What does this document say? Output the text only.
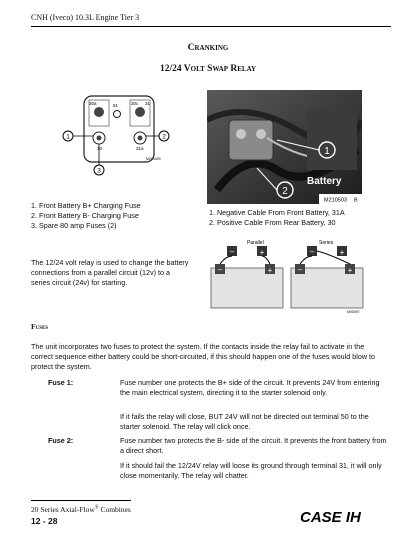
CNH (Iveco) 10.3L Engine Tier 3
Cranking
12/24 Volt Swap Relay
30a	51	30c 31
30	31a
1	2
3
M210403
1
2
Battery
M210503 B
1. Front Battery B+ Charging Fuse
2. Front Battery B- Charging Fuse
3. Spare 80 amp Fuses (2)
1. Negative Cable From Front Battery, 31A
2. Positive Cable From Rear Battery, 30
The 12/24 volt relay is used to change the battery connections from a parallel circuit (12v) to a series circuit (24v) for starting.
Parallel	Series
–	+	–	+
–	+	–	+
M00097
Fuses
The unit incorporates two fuses to protect the system. If the contacts inside the relay fail to activate in the correct sequence either battery could be short-circuited, if this should happen one of the fuses would blow to protect the system.
Fuse 1:	Fuse number one protects the B+ side of the circuit. It prevents 24V from entering the main electrical system, directing it to the starter solenoid only.
If it fails the relay will close, BUT 24V will not be directed out terminal 50 to the starter solenoid. The relay will click once.
Fuse 2:	Fuse number two protects the B- side of the circuit. It prevents the front battery from a direct short.
If it should fail the 12/24V relay will loose its ground through terminal 31, it will only close momentarily. The relay will chatter.
20 Series Axial-Flow® Combines
12 - 28	CASE IH
